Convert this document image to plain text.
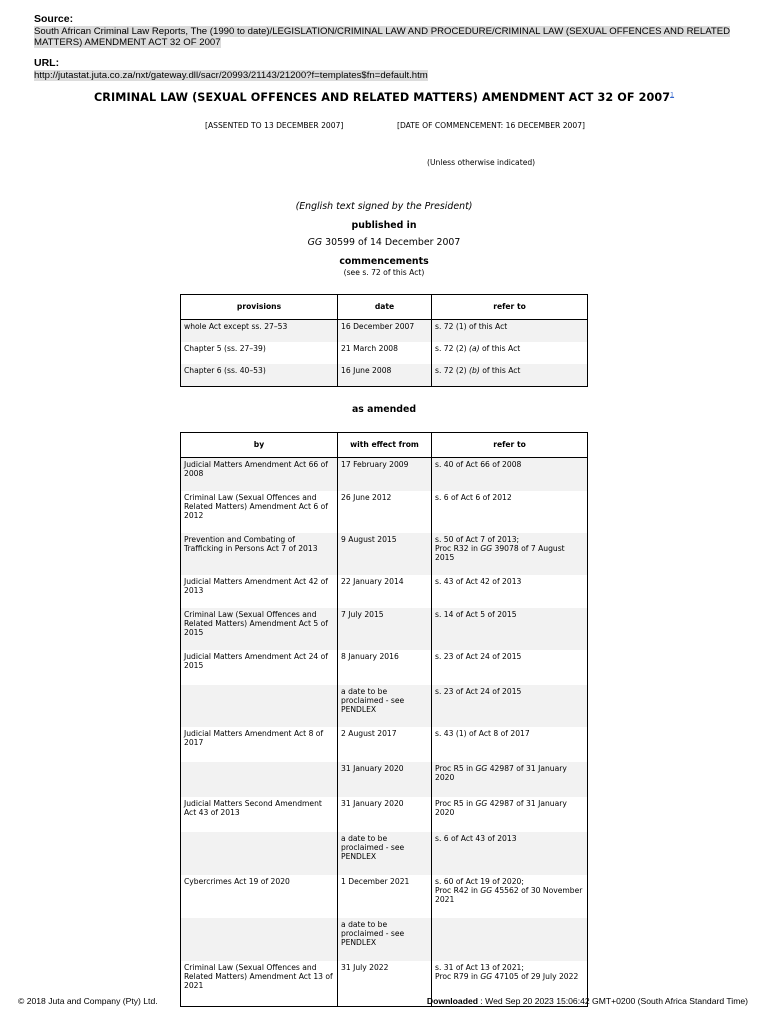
Source:
South African Criminal Law Reports, The (1990 to date)/LEGISLATION/CRIMINAL LAW AND PROCEDURE/CRIMINAL LAW (SEXUAL OFFENCES AND RELATED MATTERS) AMENDMENT ACT 32 OF 2007
URL:
http://jutastat.juta.co.za/nxt/gateway.dll/sacr/20993/21143/21200?f=templates$fn=default.htm
CRIMINAL LAW (SEXUAL OFFENCES AND RELATED MATTERS) AMENDMENT ACT 32 OF 2007$^1$
[ASSENTED TO 13 DECEMBER 2007]	[DATE OF COMMENCEMENT: 16 DECEMBER 2007]
(Unless otherwise indicated)
(English text signed by the President)
published in
GG 30599 of 14 December 2007
commencements
(see s. 72 of this Act)
provisions	date	refer to
whole Act except ss. 27–53	16 December 2007	s. 72 (1) of this Act
Chapter 5 (ss. 27–39)	21 March 2008	s. 72 (2) (a) of this Act
Chapter 6 (ss. 40–53)	16 June 2008	s. 72 (2) (b) of this Act
as amended
by	with effect from	refer to
Judicial Matters Amendment Act 66 of 2008	17 February 2009	s. 40 of Act 66 of 2008

Criminal Law (Sexual Offences and Related Matters) Amendment Act 6 of 2012	26 June 2012	s. 6 of Act 6 of 2012

Prevention and Combating of Trafficking in Persons Act 7 of 2013	9 August 2015	s. 50 of Act 7 of 2013;
Proc R32 in GG 39078 of 7 August 2015

Judicial Matters Amendment Act 42 of 2013	22 January 2014	s. 43 of Act 42 of 2013

Criminal Law (Sexual Offences and Related Matters) Amendment Act 5 of 2015	7 July 2015	s. 14 of Act 5 of 2015

Judicial Matters Amendment Act 24 of 2015	8 January 2016	s. 23 of Act 24 of 2015

	a date to be proclaimed - see PENDLEX	s. 23 of Act 24 of 2015

Judicial Matters Amendment Act 8 of 2017	2 August 2017	s. 43 (1) of Act 8 of 2017

	31 January 2020	Proc R5 in GG 42987 of 31 January 2020

Judicial Matters Second Amendment Act 43 of 2013	31 January 2020	Proc R5 in GG 42987 of 31 January 2020

	a date to be proclaimed - see PENDLEX	s. 6 of Act 43 of 2013

Cybercrimes Act 19 of 2020	1 December 2021	s. 60 of Act 19 of 2020;
Proc R42 in GG 45562 of 30 November 2021

	a date to be proclaimed - see PENDLEX	
Criminal Law (Sexual Offences and Related Matters) Amendment Act 13 of 2021	31 July 2022	s. 31 of Act 13 of 2021;
Proc R79 in GG 47105 of 29 July 2022
© 2018 Juta and Company (Pty) Ltd.	Downloaded : Wed Sep 20 2023 15:06:42 GMT+0200 (South Africa Standard Time)
